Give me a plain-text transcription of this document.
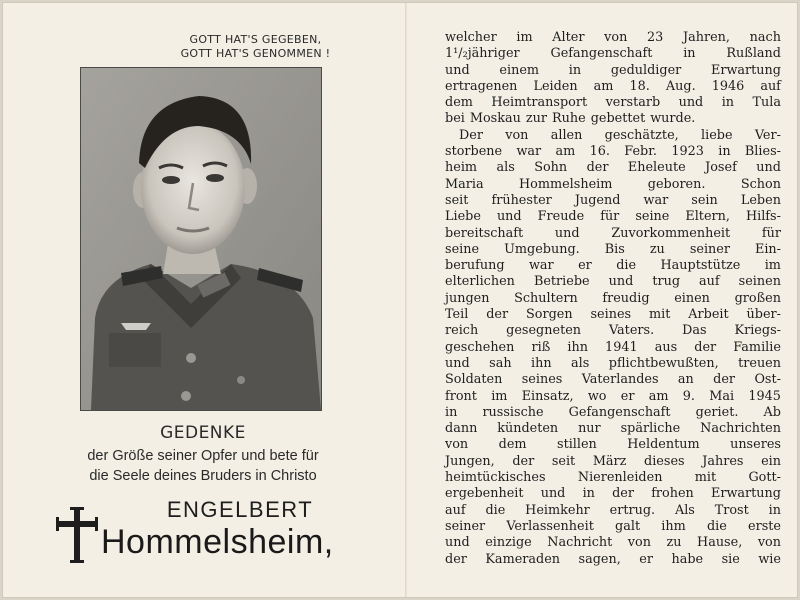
GOTT HAT'S GEGEBEN,
GOTT HAT'S GENOMMEN !
GEDENKE
der Größe seiner Opfer und bete für
die Seele deines Bruders in Christo
ENGELBERT
Hommelsheim,
welcher im Alter von 23 Jahren, nach
1¹/₂jähriger Gefangenschaft in Rußland
und einem in geduldiger Erwartung
ertragenen Leiden am 18. Aug. 1946 auf
dem Heimtransport verstarb und in Tula
bei Moskau zur Ruhe gebettet wurde.
Der von allen geschätzte, liebe Ver-
storbene war am 16. Febr. 1923 in Blies-
heim als Sohn der Eheleute Josef und
Maria	Hommelsheim	geboren.	Schon
seit frühester Jugend war sein Leben
Liebe und Freude für seine Eltern, Hilfs-
bereitschaft und Zuvorkommenheit für
seine Umgebung. Bis zu seiner Ein-
berufung war er die Hauptstütze im
elterlichen Betriebe und trug auf seinen
jungen Schultern freudig einen großen
Teil der Sorgen seines mit Arbeit über-
reich gesegneten Vaters. Das Kriegs-
geschehen riß ihn 1941 aus der Familie
und sah ihn als pflichtbewußten, treuen
Soldaten seines Vaterlandes an der Ost-
front im Einsatz, wo er am 9. Mai 1945
in russische Gefangenschaft geriet. Ab
dann kündeten nur spärliche Nachrichten
von dem stillen Heldentum unseres
Jungen, der seit März dieses Jahres ein
heimtückisches	Nierenleiden	mit	Gott-
ergebenheit und in der frohen Erwartung
auf die Heimkehr ertrug. Als Trost in
seiner Verlassenheit galt ihm die erste
und einzige Nachricht von zu Hause, von
der Kameraden sagen, er habe sie wie
